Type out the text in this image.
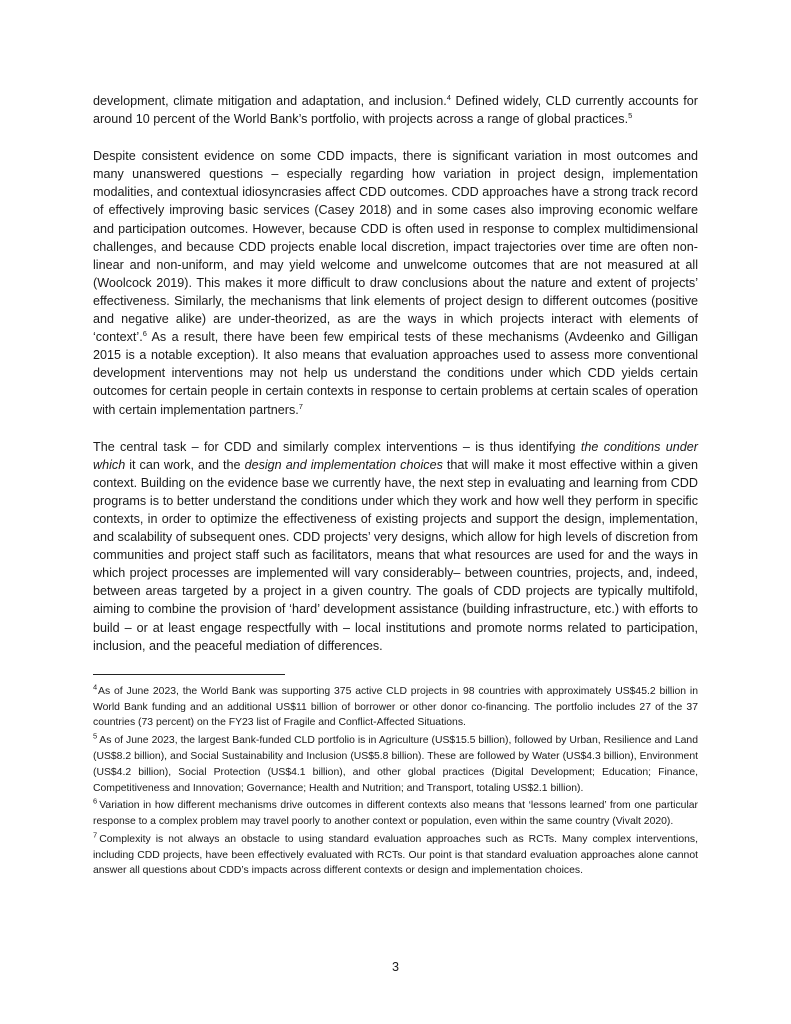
development, climate mitigation and adaptation, and inclusion.$^4$ Defined widely, CLD currently accounts for around 10 percent of the World Bank’s portfolio, with projects across a range of global practices.$^5$

Despite consistent evidence on some CDD impacts, there is significant variation in most outcomes and many unanswered questions – especially regarding how variation in project design, implementation modalities, and contextual idiosyncrasies affect CDD outcomes. CDD approaches have a strong track record of effectively improving basic services (Casey 2018) and in some cases also improving economic welfare and participation outcomes. However, because CDD is often used in response to complex multidimensional challenges, and because CDD projects enable local discretion, impact trajectories over time are often non-linear and non-uniform, and may yield welcome and unwelcome outcomes that are not measured at all (Woolcock 2019). This makes it more difficult to draw conclusions about the nature and extent of projects’ effectiveness. Similarly, the mechanisms that link elements of project design to different outcomes (positive and negative alike) are under-theorized, as are the ways in which projects interact with elements of ‘context’.$^6$ As a result, there have been few empirical tests of these mechanisms (Avdeenko and Gilligan 2015 is a notable exception). It also means that evaluation approaches used to assess more conventional development interventions may not help us understand the conditions under which CDD yields certain outcomes for certain people in certain contexts in response to certain problems at certain scales of operation with certain implementation partners.$^7$

The central task – for CDD and similarly complex interventions – is thus identifying the conditions under which it can work, and the design and implementation choices that will make it most effective within a given context. Building on the evidence base we currently have, the next step in evaluating and learning from CDD programs is to better understand the conditions under which they work and how well they perform in specific contexts, in order to optimize the effectiveness of existing projects and support the design, implementation, and scalability of subsequent ones. CDD projects’ very designs, which allow for high levels of discretion from communities and project staff such as facilitators, means that what resources are used for and the ways in which project processes are implemented will vary considerably– between countries, projects, and, indeed, between areas targeted by a project in a given country. The goals of CDD projects are typically multifold, aiming to combine the provision of ‘hard’ development assistance (building infrastructure, etc.) with efforts to build – or at least engage respectfully with – local institutions and promote norms related to participation, inclusion, and the peaceful mediation of differences.

$^4$ As of June 2023, the World Bank was supporting 375 active CLD projects in 98 countries with approximately US$45.2 billion in World Bank funding and an additional US$11 billion of borrower or other donor co-financing. The portfolio includes 27 of the 37 countries (73 percent) on the FY23 list of Fragile and Conflict-Affected Situations.

$^5$  As of June 2023, the largest Bank-funded CLD portfolio is in Agriculture (US$15.5 billion), followed by Urban, Resilience and Land (US$8.2 billion), and Social Sustainability and Inclusion (US$5.8 billion). These are followed by Water (US$4.3 billion), Environment (US$4.2 billion), Social Protection (US$4.1 billion), and other global practices (Digital Development; Education; Finance, Competitiveness and Innovation; Governance; Health and Nutrition; and Transport, totaling US$2.1 billion).

$^6$  Variation in how different mechanisms drive outcomes in different contexts also means that ‘lessons learned’ from one particular response to a complex problem may travel poorly to another context or population, even within the same country (Vivalt 2020).

$^7$  Complexity is not always an obstacle to using standard evaluation approaches such as RCTs. Many complex interventions, including CDD projects, have been effectively evaluated with RCTs. Our point is that standard evaluation approaches alone cannot answer all questions about CDD’s impacts across different contexts or design and implementation choices.

3
